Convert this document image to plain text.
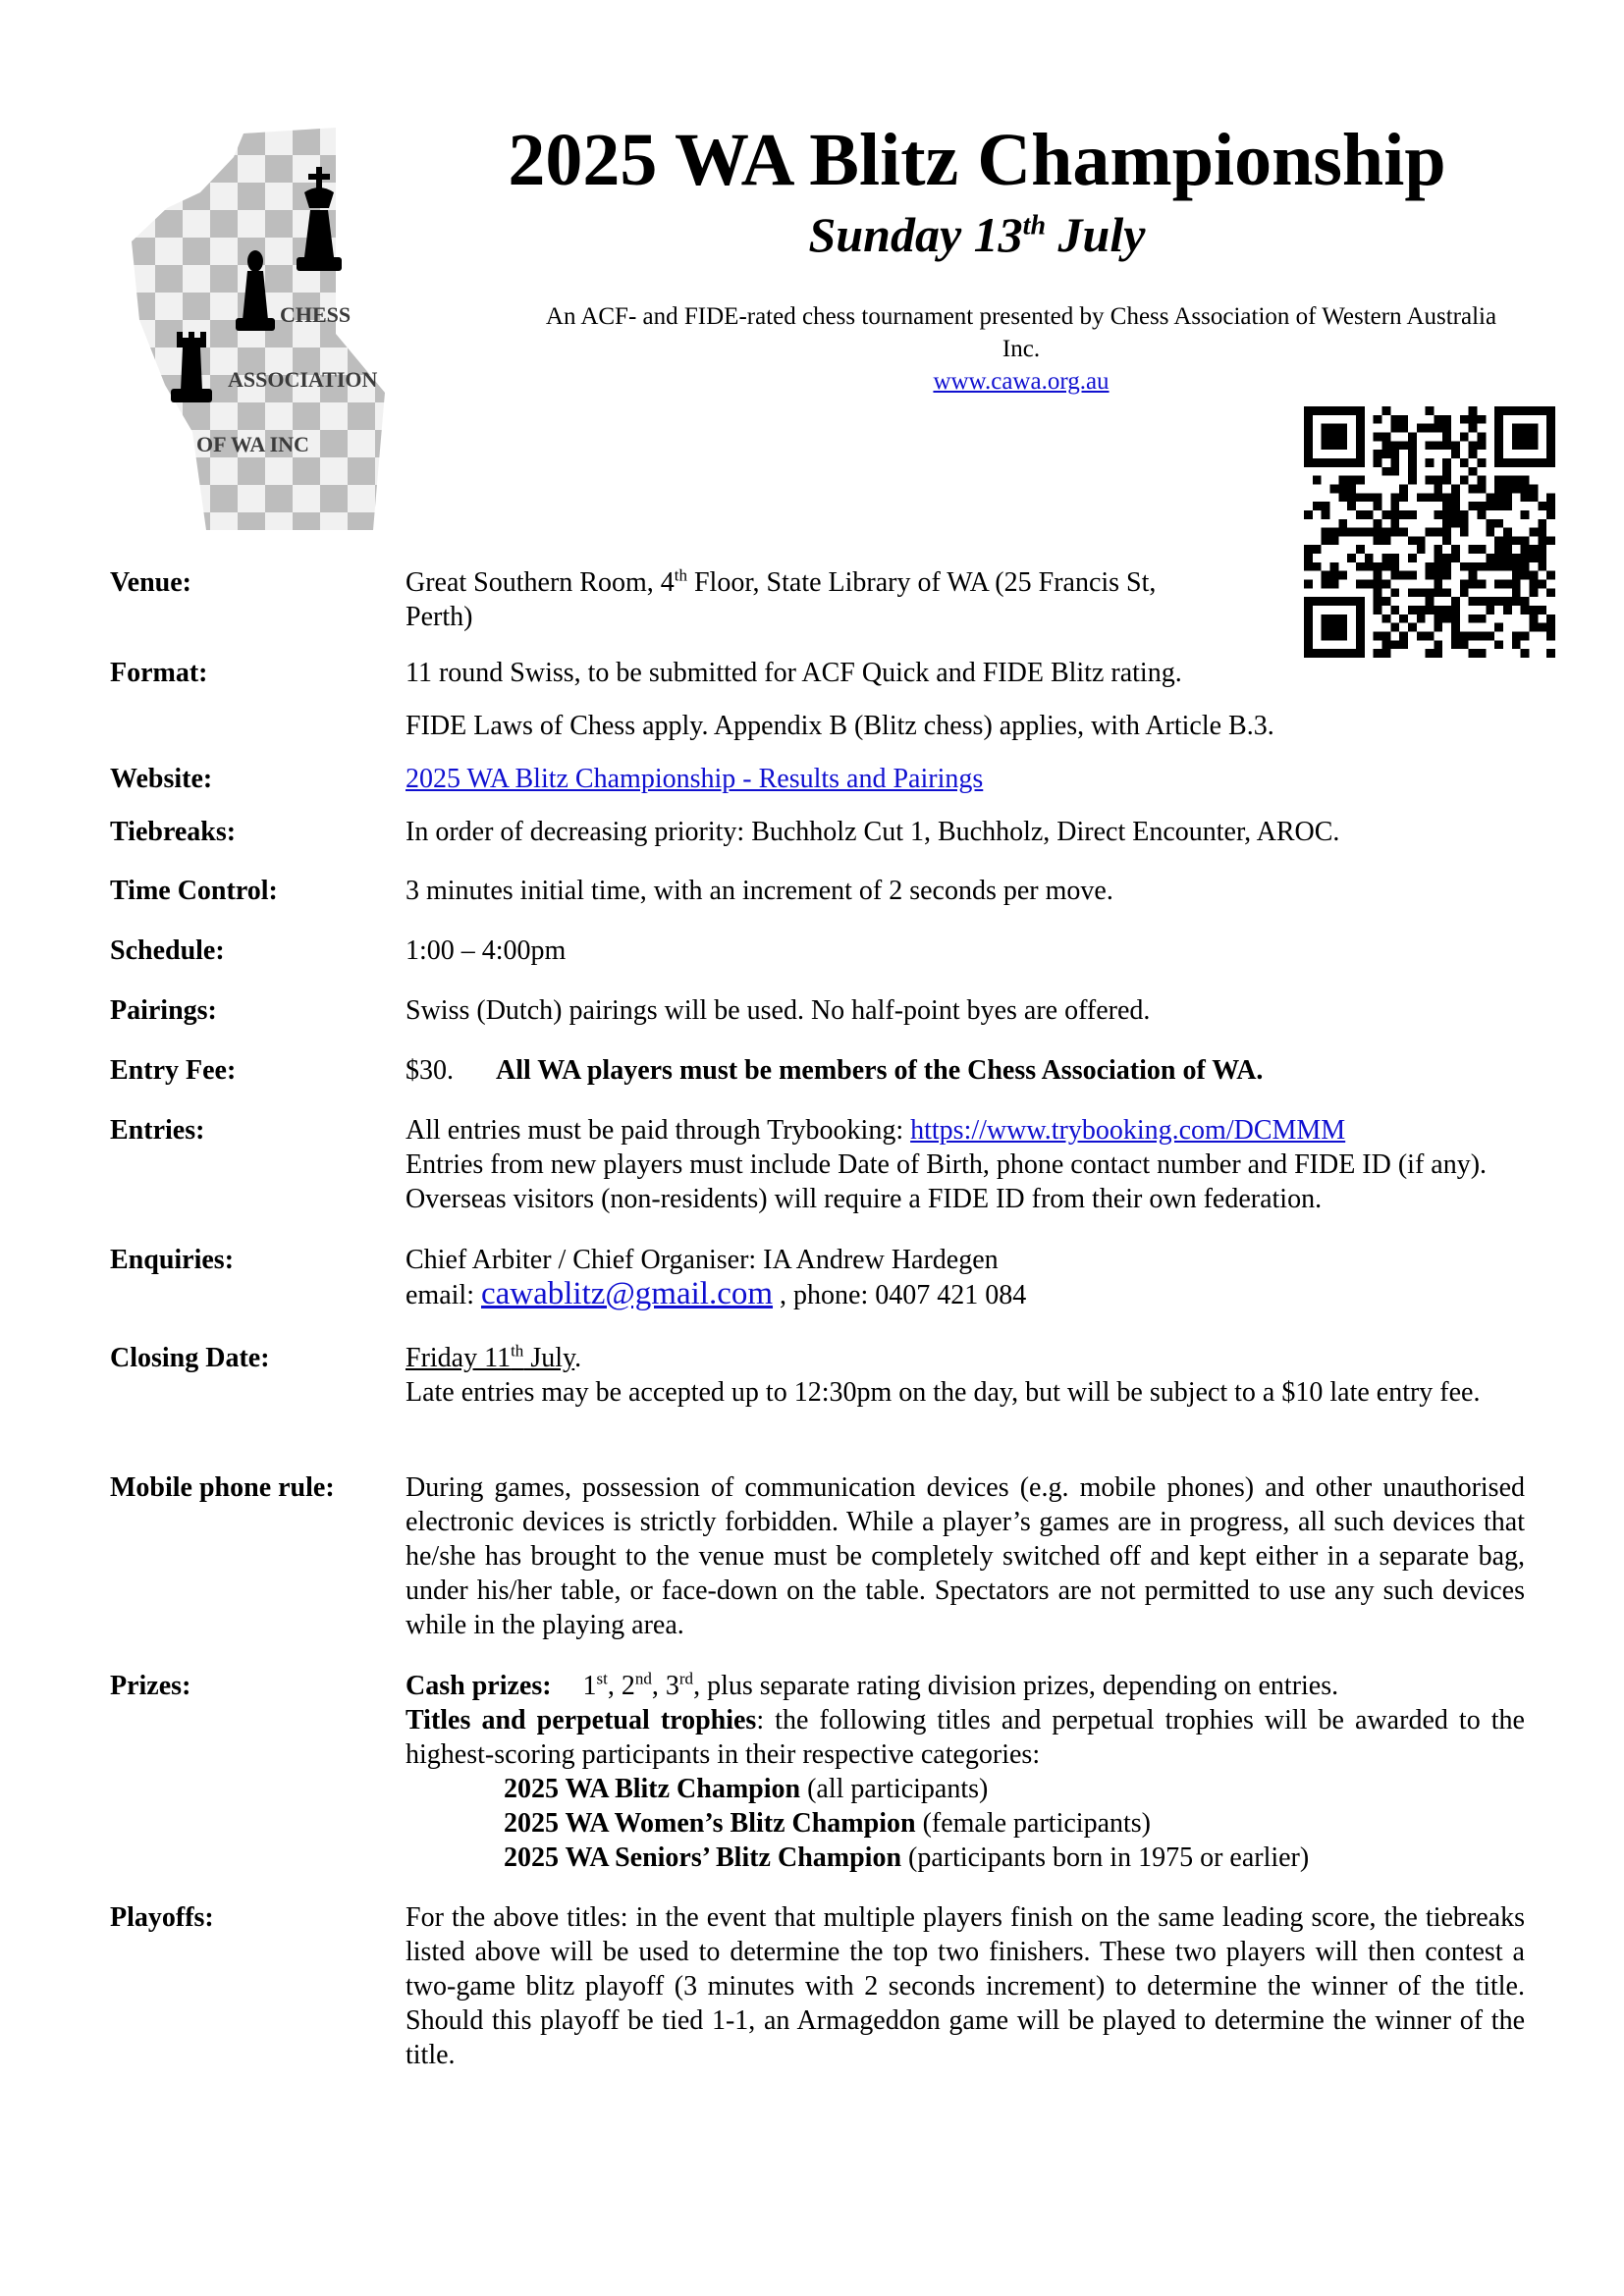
CHESS
ASSOCIATION
OF WA INC
2025 WA Blitz Championship
Sunday 13th July
An ACF- and FIDE-rated chess tournament presented by Chess Association of Western Australia Inc.
www.cawa.org.au
Venue:	Great Southern Room, 4th Floor, State Library of WA (25 Francis St,
Perth)
Format:	11 round Swiss, to be submitted for ACF Quick and FIDE Blitz rating.
FIDE Laws of Chess apply. Appendix B (Blitz chess) applies, with Article B.3.
Website:	2025 WA Blitz Championship - Results and Pairings
Tiebreaks:	In order of decreasing priority: Buchholz Cut 1, Buchholz, Direct Encounter, AROC.
Time Control:	3 minutes initial time, with an increment of 2 seconds per move.
Schedule:	1:00 – 4:00pm
Pairings:	Swiss (Dutch) pairings will be used. No half-point byes are offered.
Entry Fee:	$30. All WA players must be members of the Chess Association of WA.
Entries:	All entries must be paid through Trybooking: https://www.trybooking.com/DCMMM
Entries from new players must include Date of Birth, phone contact number and FIDE ID (if any). Overseas visitors (non-residents) will require a FIDE ID from their own federation.
Enquiries:	Chief Arbiter / Chief Organiser: IA Andrew Hardegen
email: cawablitz@gmail.com , phone: 0407 421 084
Closing Date:	Friday 11th July.
Late entries may be accepted up to 12:30pm on the day, but will be subject to a $10 late entry fee.
Mobile phone rule:	During games, possession of communication devices (e.g. mobile phones) and other unauthorised electronic devices is strictly forbidden. While a player’s games are in progress, all such devices that he/she has brought to the venue must be completely switched off and kept either in a separate bag, under his/her table, or face-down on the table. Spectators are not permitted to use any such devices while in the playing area.
Prizes:	Cash prizes: 1st, 2nd, 3rd, plus separate rating division prizes, depending on entries.
Titles and perpetual trophies: the following titles and perpetual trophies will be awarded to the highest-scoring participants in their respective categories:
2025 WA Blitz Champion (all participants)
2025 WA Women’s Blitz Champion (female participants)
2025 WA Seniors’ Blitz Champion (participants born in 1975 or earlier)
Playoffs:	For the above titles: in the event that multiple players finish on the same leading score, the tiebreaks listed above will be used to determine the top two finishers. These two players will then contest a two-game blitz playoff (3 minutes with 2 seconds increment) to determine the winner of the title. Should this playoff be tied 1-1, an Armageddon game will be played to determine the winner of the title.
